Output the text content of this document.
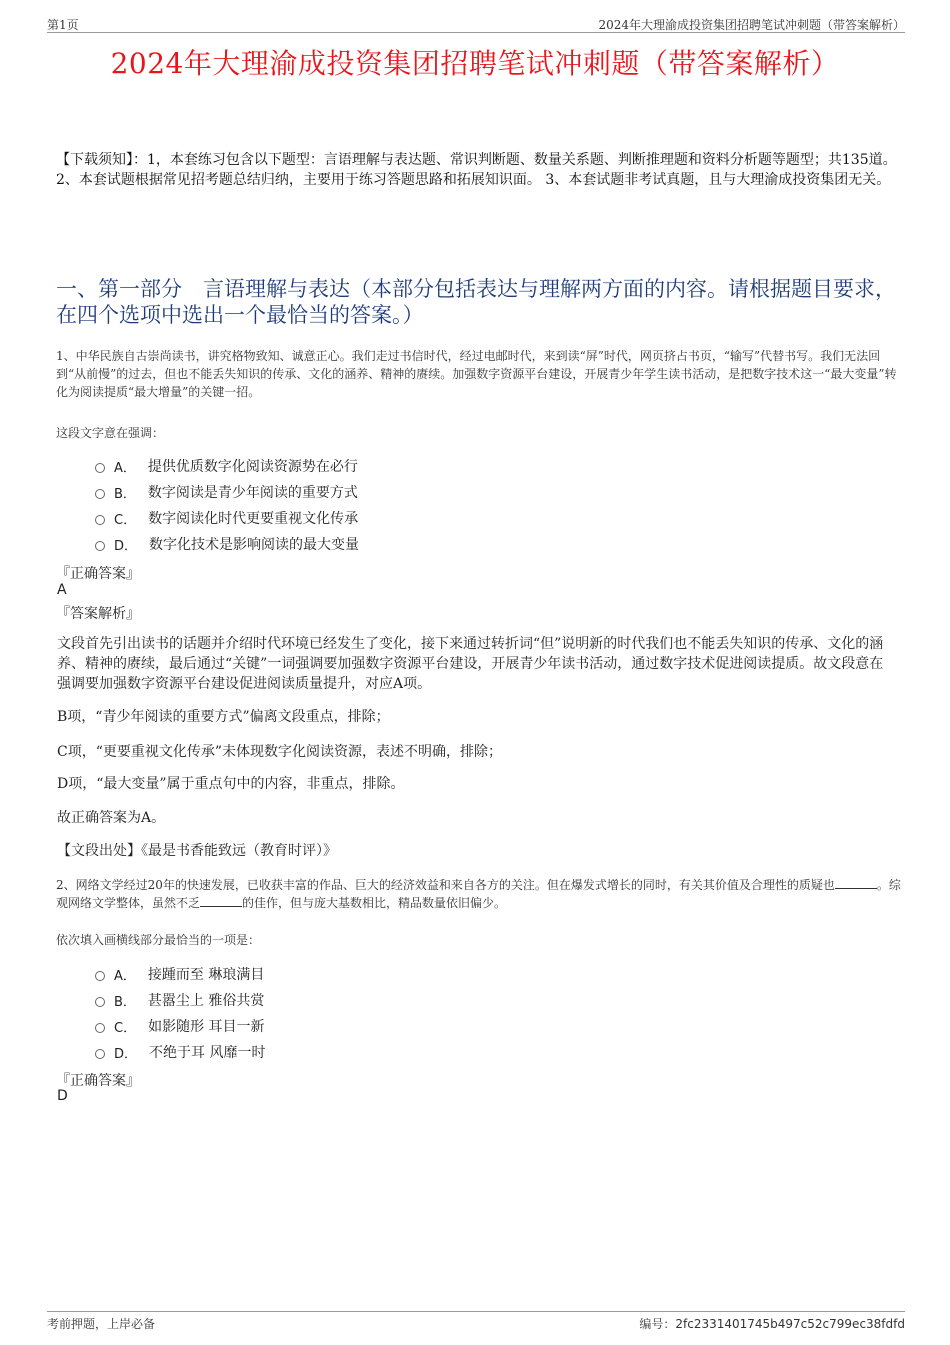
第1页	2024年大理渝成投资集团招聘笔试冲刺题（带答案解析）
2024年大理渝成投资集团招聘笔试冲刺题（带答案解析）
【下载须知】：1，本套练习包含以下题型：言语理解与表达题、常识判断题、数量关系题、判断推理题和资料分析题等题型；共135道。 2、本套试题根据常见招考题总结归纳，主要用于练习答题思路和拓展知识面。 3、本套试题非考试真题，且与大理渝成投资集团无关。
一、第一部分　言语理解与表达（本部分包括表达与理解两方面的内容。请根据题目要求，在四个选项中选出一个最恰当的答案。）
1、中华民族自古崇尚读书，讲究格物致知、诚意正心。我们走过书信时代，经过电邮时代，来到读“屏”时代，网页挤占书页，“输写”代替书写。我们无法回到“从前慢”的过去，但也不能丢失知识的传承、文化的涵养、精神的赓续。加强数字资源平台建设，开展青少年学生读书活动，是把数字技术这一“最大变量”转化为阅读提质“最大增量”的关键一招。
这段文字意在强调：
A． 提供优质数字化阅读资源势在必行
B． 数字阅读是青少年阅读的重要方式
C． 数字阅读化时代更要重视文化传承
D． 数字化技术是影响阅读的最大变量
『正确答案』
A
『答案解析』
文段首先引出读书的话题并介绍时代环境已经发生了变化，接下来通过转折词“但”说明新的时代我们也不能丢失知识的传承、文化的涵养、精神的赓续，最后通过“关键”一词强调要加强数字资源平台建设，开展青少年读书活动，通过数字技术促进阅读提质。故文段意在强调要加强数字资源平台建设促进阅读质量提升，对应A项。
B项，“青少年阅读的重要方式”偏离文段重点，排除；
C项，“更要重视文化传承”未体现数字化阅读资源，表述不明确，排除；
D项，“最大变量”属于重点句中的内容，非重点，排除。
故正确答案为A。
【文段出处】《最是书香能致远（教育时评）》
2、网络文学经过20年的快速发展，已收获丰富的作品、巨大的经济效益和来自各方的关注。但在爆发式增长的同时，有关其价值及合理性的质疑也	。综观网络文学整体，虽然不乏	的佳作，但与庞大基数相比，精品数量依旧偏少。
依次填入画横线部分最恰当的一项是：
A． 接踵而至 琳琅满目
B． 甚嚣尘上 雅俗共赏
C． 如影随形 耳目一新
D． 不绝于耳 风靡一时
『正确答案』
D
考前押题，上岸必备	编号：2fc2331401745b497c52c799ec38fdfd
